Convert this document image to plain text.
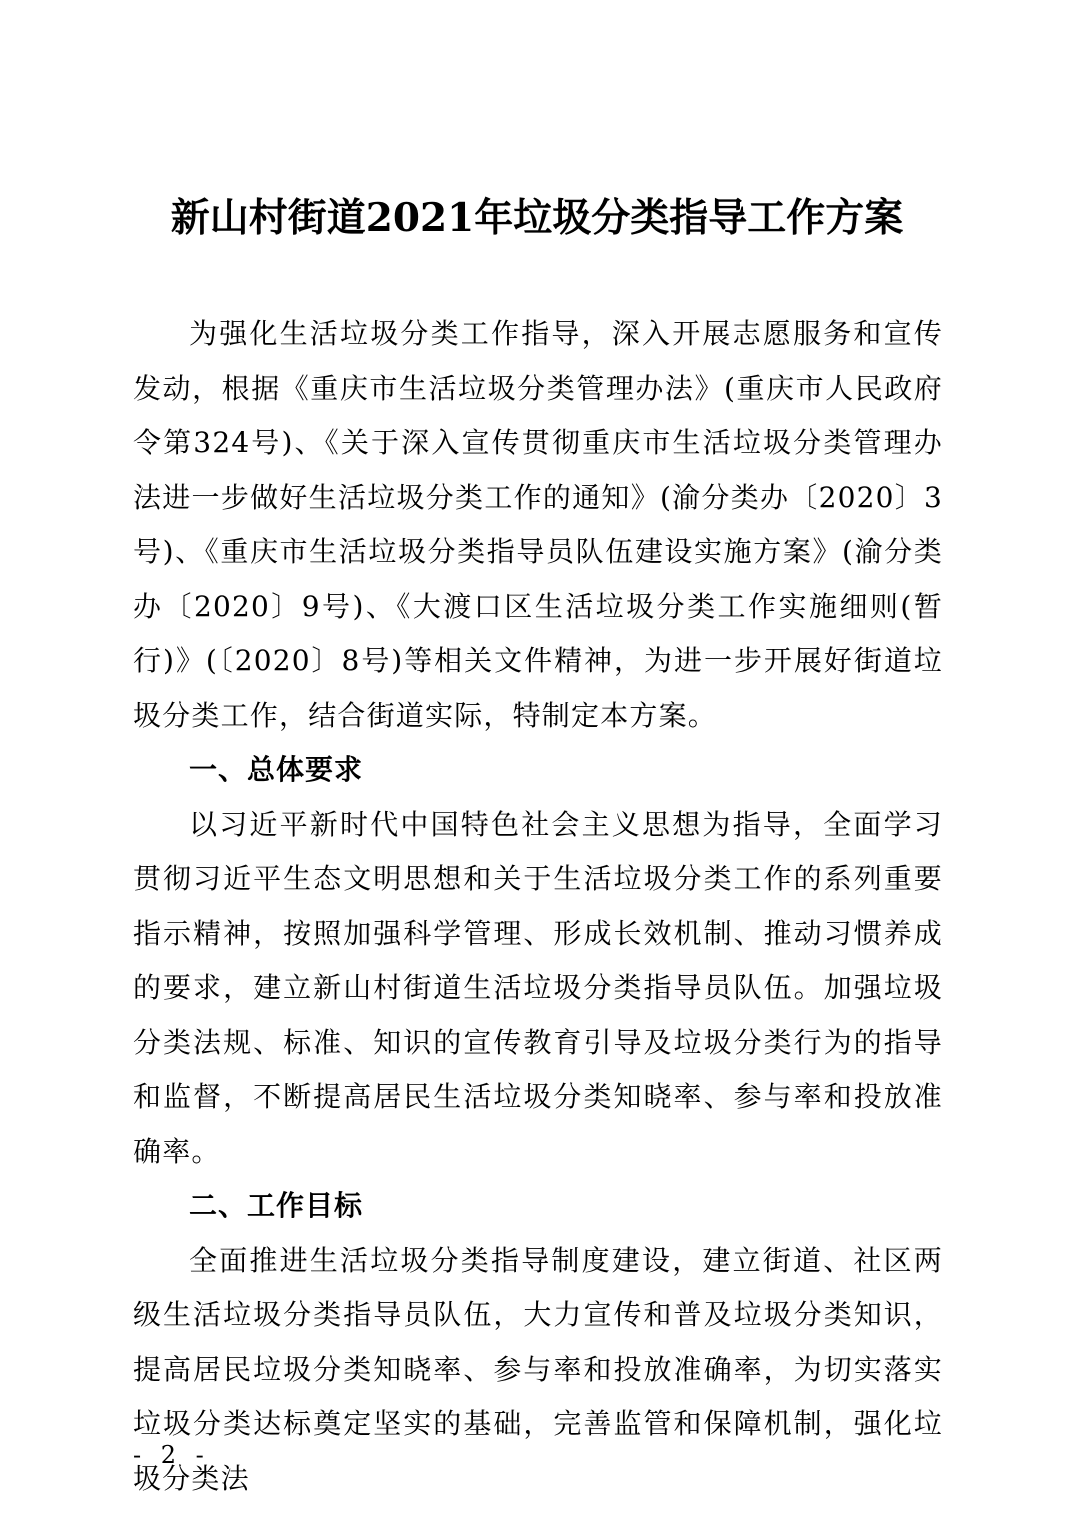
新山村街道2021年垃圾分类指导工作方案

为强化生活垃圾分类工作指导，深入开展志愿服务和宣传发动，根据《重庆市生活垃圾分类管理办法》(重庆市人民政府令第324号)、《关于深入宣传贯彻重庆市生活垃圾分类管理办法进一步做好生活垃圾分类工作的通知》(渝分类办〔2020〕3号)、《重庆市生活垃圾分类指导员队伍建设实施方案》(渝分类办〔2020〕9号)、《大渡口区生活垃圾分类工作实施细则(暂行)》(〔2020〕8号)等相关文件精神，为进一步开展好街道垃圾分类工作，结合街道实际，特制定本方案。

一、总体要求

以习近平新时代中国特色社会主义思想为指导，全面学习贯彻习近平生态文明思想和关于生活垃圾分类工作的系列重要指示精神，按照加强科学管理、形成长效机制、推动习惯养成的要求，建立新山村街道生活垃圾分类指导员队伍。加强垃圾分类法规、标准、知识的宣传教育引导及垃圾分类行为的指导和监督，不断提高居民生活垃圾分类知晓率、参与率和投放准确率。

二、工作目标

全面推进生活垃圾分类指导制度建设，建立街道、社区两级生活垃圾分类指导员队伍，大力宣传和普及垃圾分类知识，提高居民垃圾分类知晓率、参与率和投放准确率，为切实落实垃圾分类达标奠定坚实的基础，完善监管和保障机制，强化垃圾分类法

- 2 -
